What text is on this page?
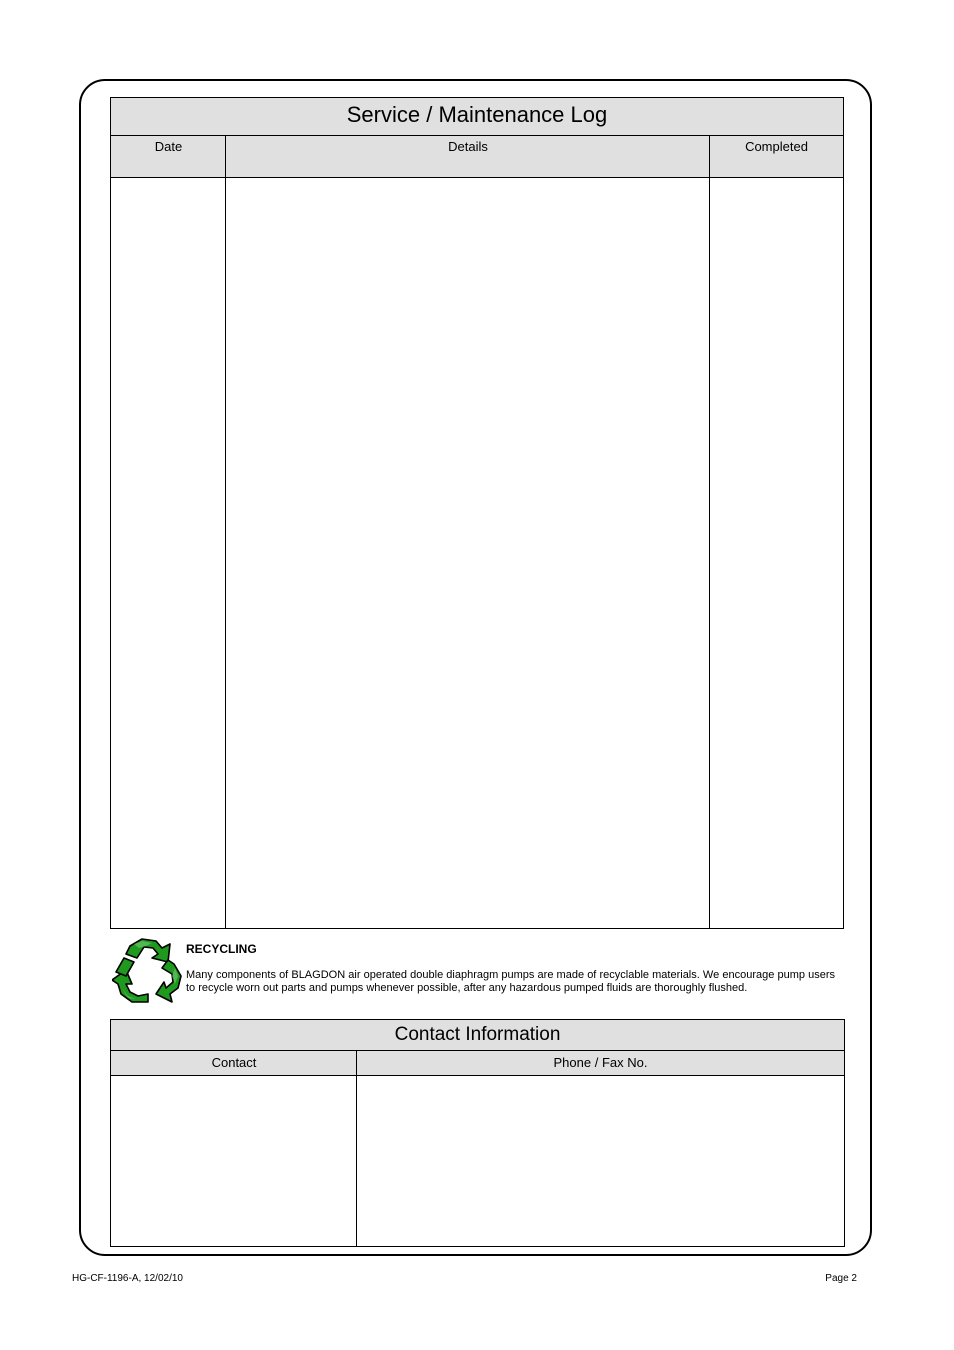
Service / Maintenance Log
Date	Details	Completed
RECYCLING
Many components of BLAGDON air operated double diaphragm pumps are made of recyclable materials. We encourage pump users to recycle worn out parts and pumps whenever possible, after any hazardous pumped fluids are thoroughly flushed.
Contact Information
Contact	Phone / Fax No.
HG-CF-1196-A, 12/02/10	Page 2
